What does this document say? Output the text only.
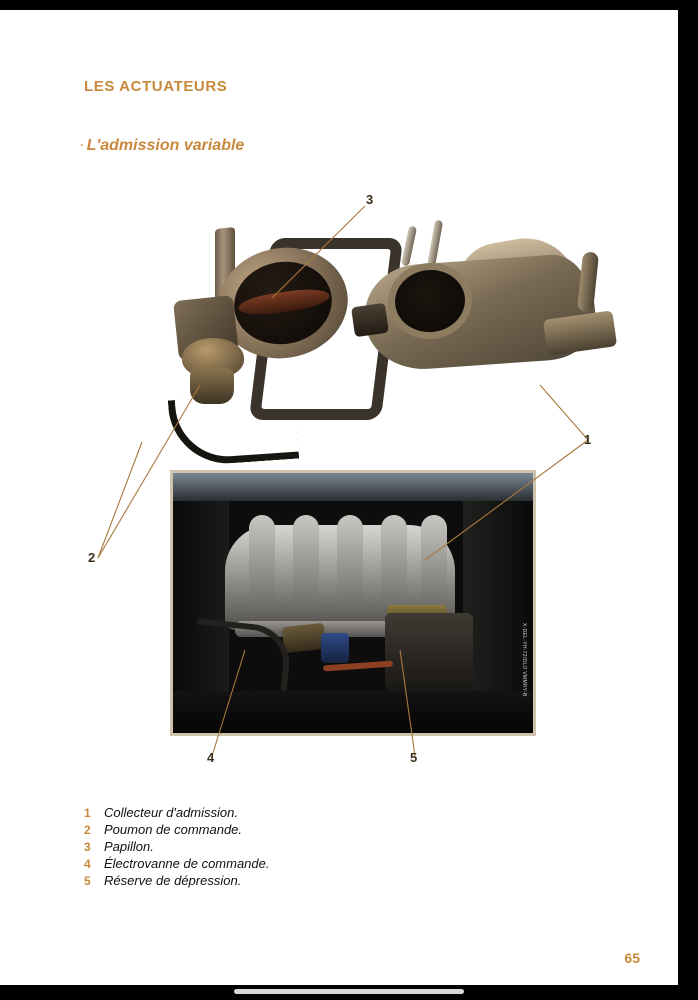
LES ACTUATEURS
· L'admission variable
X-DEL-YH-72/DLO VMMRY-B
3
1
2
4	5
1	Collecteur d'admission.
2	Poumon de commande.
3	Papillon.
4	Électrovanne de commande.
5	Réserve de dépression.
65
